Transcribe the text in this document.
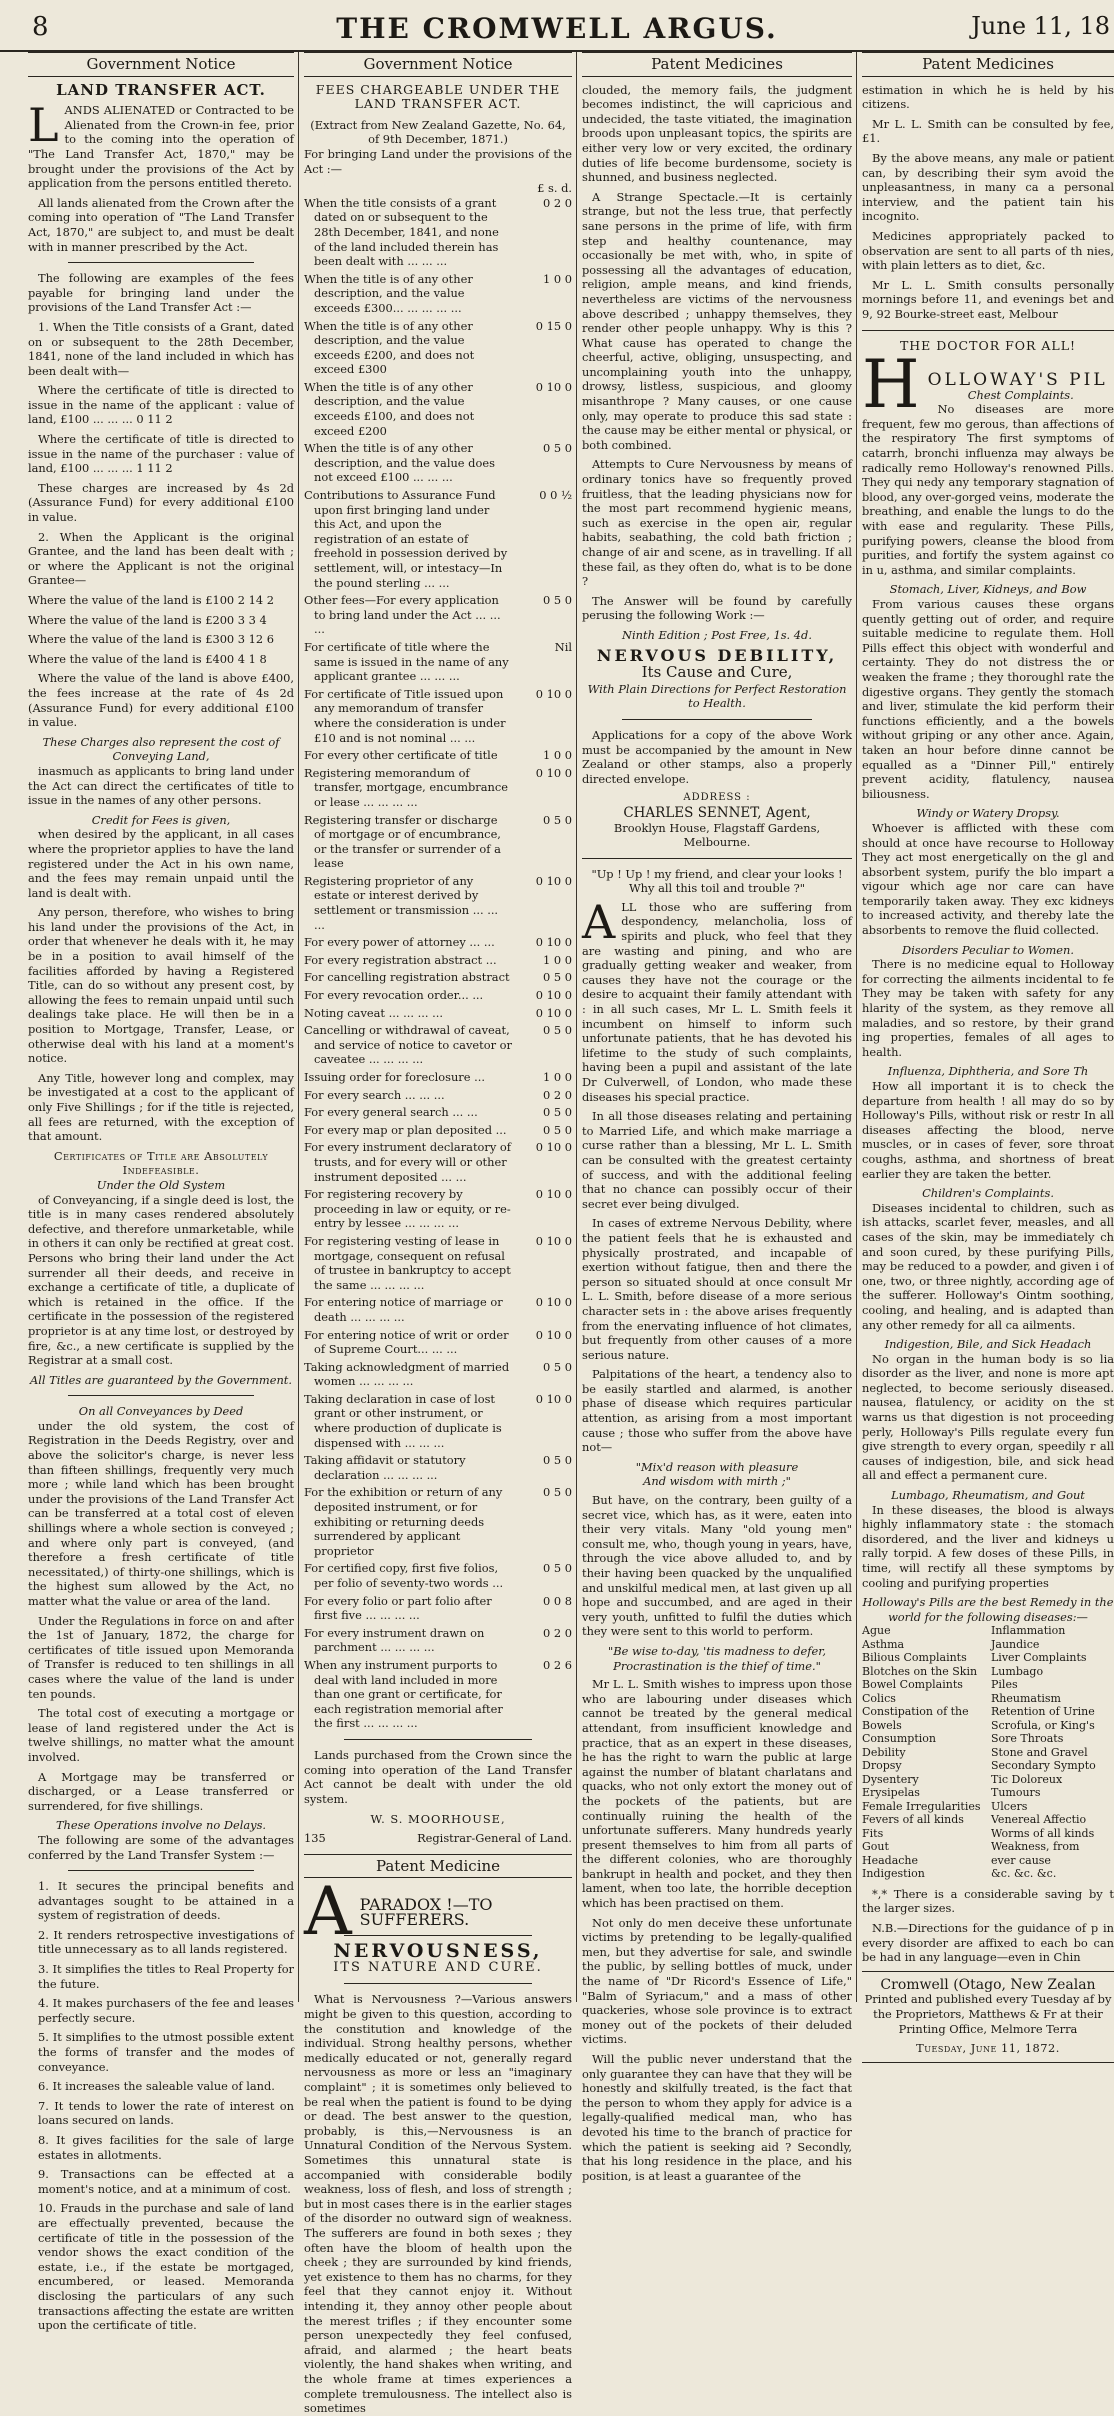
8	THE CROMWELL ARGUS.	June 11, 18
Government Notice
LAND TRANSFER ACT.

LANDS ALIENATED or Contracted to be Alienated from the Crown-in fee, prior to the coming into the operation of "The Land Transfer Act, 1870," may be brought under the provisions of the Act by application from the persons entitled thereto.

All lands alienated from the Crown after the coming into operation of "The Land Transfer Act, 1870," are subject to, and must be dealt with in manner prescribed by the Act.

The following are examples of the fees payable for bringing land under the provisions of the Land Transfer Act :—

1. When the Title consists of a Grant, dated on or subsequent to the 28th December, 1841, none of the land included in which has been dealt with—

Where the certificate of title is directed to issue in the name of the applicant : value of land, £100 ... ... ... 0 11 2

Where the certificate of title is directed to issue in the name of the purchaser : value of land, £100 ... ... ... 1 11 2

These charges are increased by 4s 2d (Assurance Fund) for every additional £100 in value.

2. When the Applicant is the original Grantee, and the land has been dealt with ; or where the Applicant is not the original Grantee—

Where the value of the land is £100 2 14 2

Where the value of the land is £200 3 3 4

Where the value of the land is £300 3 12 6

Where the value of the land is £400 4 1 8

Where the value of the land is above £400, the fees increase at the rate of 4s 2d (Assurance Fund) for every additional £100 in value.

These Charges also represent the cost of Conveying Land,

inasmuch as applicants to bring land under the Act can direct the certificates of title to issue in the names of any other persons.

Credit for Fees is given,

when desired by the applicant, in all cases where the proprietor applies to have the land registered under the Act in his own name, and the fees may remain unpaid until the land is dealt with.

Any person, therefore, who wishes to bring his land under the provisions of the Act, in order that whenever he deals with it, he may be in a position to avail himself of the facilities afforded by having a Registered Title, can do so without any present cost, by allowing the fees to remain unpaid until such dealings take place. He will then be in a position to Mortgage, Transfer, Lease, or otherwise deal with his land at a moment's notice.

Any Title, however long and complex, may be investigated at a cost to the applicant of only Five Shillings ; for if the title is rejected, all fees are returned, with the exception of that amount.

Certificates of Title are Absolutely Indefeasible.
Under the Old System

of Conveyancing, if a single deed is lost, the title is in many cases rendered absolutely defective, and therefore unmarketable, while in others it can only be rectified at great cost. Persons who bring their land under the Act surrender all their deeds, and receive in exchange a certificate of title, a duplicate of which is retained in the office. If the certificate in the possession of the registered proprietor is at any time lost, or destroyed by fire, &c., a new certificate is supplied by the Registrar at a small cost.

All Titles are guaranteed by the Government.
On all Conveyances by Deed

under the old system, the cost of Registration in the Deeds Registry, over and above the solicitor's charge, is never less than fifteen shillings, frequently very much more ; while land which has been brought under the provisions of the Land Transfer Act can be transferred at a total cost of eleven shillings where a whole section is conveyed ; and where only part is conveyed, (and therefore a fresh certificate of title necessitated,) of thirty-one shillings, which is the highest sum allowed by the Act, no matter what the value or area of the land.

Under the Regulations in force on and after the 1st of January, 1872, the charge for certificates of title issued upon Memoranda of Transfer is reduced to ten shillings in all cases where the value of the land is under ten pounds.

The total cost of executing a mortgage or lease of land registered under the Act is twelve shillings, no matter what the amount involved.

A Mortgage may be transferred or discharged, or a Lease transferred or surrendered, for five shillings.

These Operations involve no Delays.

The following are some of the advantages conferred by the Land Transfer System :—

1. It secures the principal benefits and advantages sought to be attained in a system of registration of deeds.

2. It renders retrospective investigations of title unnecessary as to all lands registered.

3. It simplifies the titles to Real Property for the future.

4. It makes purchasers of the fee and leases perfectly secure.

5. It simplifies to the utmost possible extent the forms of transfer and the modes of conveyance.

6. It increases the saleable value of land.

7. It tends to lower the rate of interest on loans secured on lands.

8. It gives facilities for the sale of large estates in allotments.

9. Transactions can be effected at a moment's notice, and at a minimum of cost.

10. Frauds in the purchase and sale of land are effectually prevented, because the certificate of title in the possession of the vendor shows the exact condition of the estate, i.e., if the estate be mortgaged, encumbered, or leased. Memoranda disclosing the particulars of any such transactions affecting the estate are written upon the certificate of title.

Government Notice
FEES CHARGEABLE UNDER THE LAND TRANSFER ACT.
(Extract from New Zealand Gazette, No. 64, of 9th December, 1871.)

For bringing Land under the provisions of the Act :—

£ s. d.
When the title consists of a grant dated on or subsequent to the 28th December, 1841, and none of the land included therein has been dealt with ... ... ...
0 2 0
When the title is of any other description, and the value exceeds £300... ... ... ... ...
1 0 0
When the title is of any other description, and the value exceeds £200, and does not exceed £300
0 15 0
When the title is of any other description, and the value exceeds £100, and does not exceed £200
0 10 0
When the title is of any other description, and the value does not exceed £100 ... ... ...
0 5 0
Contributions to Assurance Fund upon first bringing land under this Act, and upon the registration of an estate of freehold in possession derived by settlement, will, or intestacy—In the pound sterling ... ...
0 0 ½
Other fees—For every application to bring land under the Act ... ... ...
0 5 0
For certificate of title where the same is issued in the name of any applicant grantee ... ... ...
Nil
For certificate of Title issued upon any memorandum of transfer where the consideration is under £10 and is not nominal ... ...
0 10 0
For every other certificate of title	1 0 0
Registering memorandum of transfer, mortgage, encumbrance or lease ... ... ... ...
0 10 0
Registering transfer or discharge of mortgage or of encumbrance, or the transfer or surrender of a lease
0 5 0
Registering proprietor of any estate or interest derived by settlement or transmission ... ... ...
0 10 0
For every power of attorney ... ...	0 10 0
For every registration abstract ...	1 0 0
For cancelling registration abstract	0 5 0
For every revocation order... ...	0 10 0
Noting caveat ... ... ... ...	0 10 0
Cancelling or withdrawal of caveat, and service of notice to cavetor or caveatee ... ... ... ...
0 5 0
Issuing order for foreclosure ...	1 0 0
For every search ... ... ...	0 2 0
For every general search ... ...	0 5 0
For every map or plan deposited ...	0 5 0
For every instrument declaratory of trusts, and for every will or other instrument deposited ... ...
0 10 0
For registering recovery by proceeding in law or equity, or re-entry by lessee ... ... ... ...
0 10 0
For registering vesting of lease in mortgage, consequent on refusal of trustee in bankruptcy to accept the same ... ... ... ...
0 10 0
For entering notice of marriage or death ... ... ... ...
0 10 0
For entering notice of writ or order of Supreme Court... ... ...
0 10 0
Taking acknowledgment of married women ... ... ... ...
0 5 0
Taking declaration in case of lost grant or other instrument, or where production of duplicate is dispensed with ... ... ...
0 10 0
Taking affidavit or statutory declaration ... ... ... ...
0 5 0
For the exhibition or return of any deposited instrument, or for exhibiting or returning deeds surrendered by applicant proprietor
0 5 0
For certified copy, first five folios, per folio of seventy-two words ...
0 5 0
For every folio or part folio after first five ... ... ... ...
0 0 8
For every instrument drawn on parchment ... ... ... ...
0 2 0
When any instrument purports to deal with land included in more than one grant or certificate, for each registration memorial after the first ... ... ... ...
0 2 6

Lands purchased from the Crown since the coming into operation of the Land Transfer Act cannot be dealt with under the old system.

W. S. MOORHOUSE,
135	Registrar-General of Land.
Patent Medicine
A PARADOX !—TO SUFFERERS.
NERVOUSNESS,
ITS NATURE AND CURE.

What is Nervousness ?—Various answers might be given to this question, according to the constitution and knowledge of the individual. Strong healthy persons, whether medically educated or not, generally regard nervousness as more or less an "imaginary complaint" ; it is sometimes only believed to be real when the patient is found to be dying or dead. The best answer to the question, probably, is this,—Nervousness is an Unnatural Condition of the Nervous System. Sometimes this unnatural state is accompanied with considerable bodily weakness, loss of flesh, and loss of strength ; but in most cases there is in the earlier stages of the disorder no outward sign of weakness. The sufferers are found in both sexes ; they often have the bloom of health upon the cheek ; they are surrounded by kind friends, yet existence to them has no charms, for they feel that they cannot enjoy it. Without intending it, they annoy other people about the merest trifles ; if they encounter some person unexpectedly they feel confused, afraid, and alarmed ; the heart beats violently, the hand shakes when writing, and the whole frame at times experiences a complete tremulousness. The intellect also is sometimes

Patent Medicines

clouded, the memory fails, the judgment becomes indistinct, the will capricious and undecided, the taste vitiated, the imagination broods upon unpleasant topics, the spirits are either very low or very excited, the ordinary duties of life become burdensome, society is shunned, and business neglected.

A Strange Spectacle.—It is certainly strange, but not the less true, that perfectly sane persons in the prime of life, with firm step and healthy countenance, may occasionally be met with, who, in spite of possessing all the advantages of education, religion, ample means, and kind friends, nevertheless are victims of the nervousness above described ; unhappy themselves, they render other people unhappy. Why is this ? What cause has operated to change the cheerful, active, obliging, unsuspecting, and uncomplaining youth into the unhappy, drowsy, listless, suspicious, and gloomy misanthrope ? Many causes, or one cause only, may operate to produce this sad state : the cause may be either mental or physical, or both combined.

Attempts to Cure Nervousness by means of ordinary tonics have so frequently proved fruitless, that the leading physicians now for the most part recommend hygienic means, such as exercise in the open air, regular habits, seabathing, the cold bath friction ; change of air and scene, as in travelling. If all these fail, as they often do, what is to be done ?

The Answer will be found by carefully perusing the following Work :—

Ninth Edition ; Post Free, 1s. 4d.
NERVOUS DEBILITY,
Its Cause and Cure,
With Plain Directions for Perfect Restoration to Health.

Applications for a copy of the above Work must be accompanied by the amount in New Zealand or other stamps, also a properly directed envelope.

ADDRESS :
CHARLES SENNET, Agent,
Brooklyn House, Flagstaff Gardens, Melbourne.
"Up ! Up ! my friend, and clear your looks ! Why all this toil and trouble ?"

ALL those who are suffering from despondency, melancholia, loss of spirits and pluck, who feel that they are wasting and pining, and who are gradually getting weaker and weaker, from causes they have not the courage or the desire to acquaint their family attendant with : in all such cases, Mr L. L. Smith feels it incumbent on himself to inform such unfortunate patients, that he has devoted his lifetime to the study of such complaints, having been a pupil and assistant of the late Dr Culverwell, of London, who made these diseases his special practice.

In all those diseases relating and pertaining to Married Life, and which make marriage a curse rather than a blessing, Mr L. L. Smith can be consulted with the greatest certainty of success, and with the additional feeling that no chance can possibly occur of their secret ever being divulged.

In cases of extreme Nervous Debility, where the patient feels that he is exhausted and physically prostrated, and incapable of exertion without fatigue, then and there the person so situated should at once consult Mr L. L. Smith, before disease of a more serious character sets in : the above arises frequently from the enervating influence of hot climates, but frequently from other causes of a more serious nature.

Palpitations of the heart, a tendency also to be easily startled and alarmed, is another phase of disease which requires particular attention, as arising from a most important cause ; those who suffer from the above have not—

"Mix'd reason with pleasure
And wisdom with mirth ;"

But have, on the contrary, been guilty of a secret vice, which has, as it were, eaten into their very vitals. Many "old young men" consult me, who, though young in years, have, through the vice above alluded to, and by their having been quacked by the unqualified and unskilful medical men, at last given up all hope and succumbed, and are aged in their very youth, unfitted to fulfil the duties which they were sent to this world to perform.

"Be wise to-day, 'tis madness to defer,
Procrastination is the thief of time."

Mr L. L. Smith wishes to impress upon those who are labouring under diseases which cannot be treated by the general medical attendant, from insufficient knowledge and practice, that as an expert in these diseases, he has the right to warn the public at large against the number of blatant charlatans and quacks, who not only extort the money out of the pockets of the patients, but are continually ruining the health of the unfortunate sufferers. Many hundreds yearly present themselves to him from all parts of the different colonies, who are thoroughly bankrupt in health and pocket, and they then lament, when too late, the horrible deception which has been practised on them.

Not only do men deceive these unfortunate victims by pretending to be legally-qualified men, but they advertise for sale, and swindle the public, by selling bottles of muck, under the name of "Dr Ricord's Essence of Life," "Balm of Syriacum," and a mass of other quackeries, whose sole province is to extract money out of the pockets of their deluded victims.

Will the public never understand that the only guarantee they can have that they will be honestly and skilfully treated, is the fact that the person to whom they apply for advice is a legally-qualified medical man, who has devoted his time to the branch of practice for which the patient is seeking aid ? Secondly, that his long residence in the place, and his position, is at least a guarantee of the

Patent Medicines

estimation in which he is held by his citizens.

Mr L. L. Smith can be consulted by fee, £1.

By the above means, any male or patient can, by describing their sym avoid the unpleasantness, in many ca a personal interview, and the patient tain his incognito.

Medicines appropriately packed to observation are sent to all parts of th nies, with plain letters as to diet, &c.

Mr L. L. Smith consults personally mornings before 11, and evenings bet and 9, 92 Bourke-street east, Melbour

THE DOCTOR FOR ALL!
H OLLOWAY'S PIL
Chest Complaints.

No diseases are more frequent, few mo gerous, than affections of the respiratory The first symptoms of catarrh, bronchi influenza may always be radically remo Holloway's renowned Pills. They qui nedy any temporary stagnation of blood, any over-gorged veins, moderate the breathing, and enable the lungs to do the with ease and regularity. These Pills, purifying powers, cleanse the blood from purities, and fortify the system against co in u, asthma, and similar complaints.

Stomach, Liver, Kidneys, and Bow

From various causes these organs quently getting out of order, and require suitable medicine to regulate them. Holl Pills effect this object with wonderful and certainty. They do not distress the or weaken the frame ; they thoroughl rate the digestive organs. They gently the stomach and liver, stimulate the kid perform their functions efficiently, and a the bowels without griping or any other ance. Again, taken an hour before dinne cannot be equalled as a "Dinner Pill," entirely prevent acidity, flatulency, nausea biliousness.

Windy or Watery Dropsy.

Whoever is afflicted with these com should at once have recourse to Holloway They act most energetically on the gl and absorbent system, purify the blo impart a vigour which age nor care can have temporarily taken away. They exc kidneys to increased activity, and thereby late the absorbents to remove the fluid collected.

Disorders Peculiar to Women.

There is no medicine equal to Holloway for correcting the ailments incidental to fe They may be taken with safety for any hlarity of the system, as they remove all maladies, and so restore, by their grand ing properties, females of all ages to health.

Influenza, Diphtheria, and Sore Th

How all important it is to check the departure from health ! all may do so by Holloway's Pills, without risk or restr In all diseases affecting the blood, nerve muscles, or in cases of fever, sore throat coughs, asthma, and shortness of breat earlier they are taken the better.

Children's Complaints.

Diseases incidental to children, such as ish attacks, scarlet fever, measles, and all cases of the skin, may be immediately ch and soon cured, by these purifying Pills, may be reduced to a powder, and given i of one, two, or three nightly, according age of the sufferer. Holloway's Ointm soothing, cooling, and healing, and is adapted than any other remedy for all ca ailments.

Indigestion, Bile, and Sick Headach

No organ in the human body is so lia disorder as the liver, and none is more apt neglected, to become seriously diseased. nausea, flatulency, or acidity on the st warns us that digestion is not proceeding perly, Holloway's Pills regulate every fun give strength to every organ, speedily r all causes of indigestion, bile, and sick head all and effect a permanent cure.

Lumbago, Rheumatism, and Gout

In these diseases, the blood is always highly inflammatory state : the stomach disordered, and the liver and kidneys u rally torpid. A few doses of these Pills, in time, will rectify all these symptoms by cooling and purifying properties

Holloway's Pills are the best Remedy in the world for the following diseases:—
Ague
Asthma
Bilious Complaints
Blotches on the Skin
Bowel Complaints
Colics
Constipation of the Bowels
Consumption
Debility
Dropsy
Dysentery
Erysipelas
Female Irregularities
Fevers of all kinds
Fits
Gout
Headache
Indigestion
Inflammation
Jaundice
Liver Complaints
Lumbago
Piles
Rheumatism
Retention of Urine
Scrofula, or King's
Sore Throats
Stone and Gravel
Secondary Sympto
Tic Doloreux
Tumours
Ulcers
Venereal Affectio
Worms of all kinds
Weakness, from
ever cause
&c. &c. &c.

*,* There is a considerable saving by t the larger sizes.

N.B.—Directions for the guidance of p in every disorder are affixed to each bo can be had in any language—even in Chin

Cromwell (Otago, New Zealan

Printed and published every Tuesday af by the Proprietors, Matthews & Fr at their Printing Office, Melmore Terra

Tuesday, June 11, 1872.
